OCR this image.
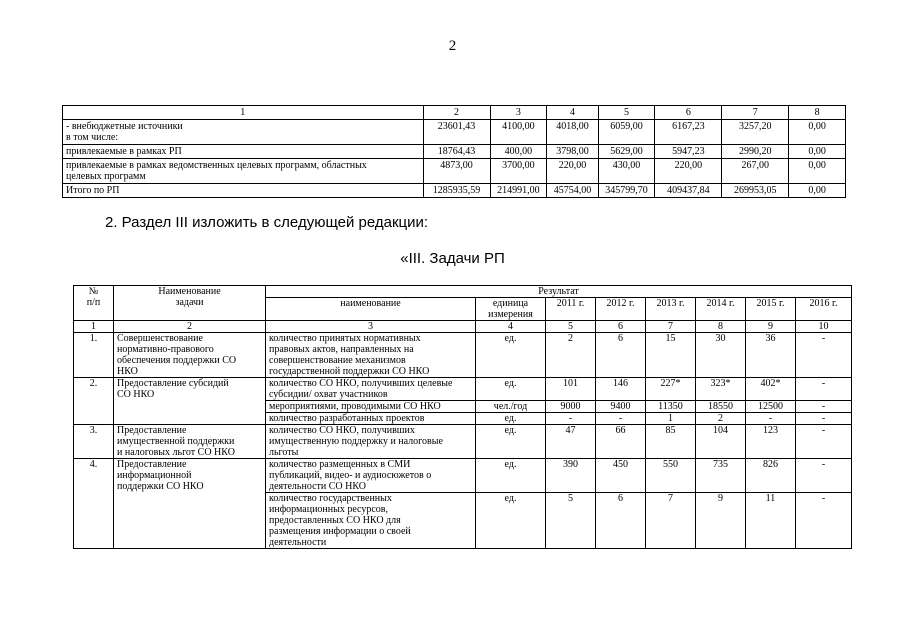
2
1	2	3	4	5	6	7	8
- внебюджетные источники
в том числе:	23601,43	4100,00	4018,00	6059,00	6167,23	3257,20	0,00
привлекаемые в рамках РП	18764,43	400,00	3798,00	5629,00	5947,23	2990,20	0,00
привлекаемые в рамках ведомственных целевых программ, областных
целевых программ	4873,00	3700,00	220,00	430,00	220,00	267,00	0,00
Итого по РП	1285935,59	214991,00	45754,00	345799,70	409437,84	269953,05	0,00
2. Раздел III изложить в следующей редакции:
«III. Задачи РП
№
п/п	Наименование
задачи	Результат							
		наименование	единица
измерения	2011 г.	2012 г.	2013 г.	2014 г.	2015 г.	2016 г.
1	2	3	4	5	6	7	8	9	10
1.	Совершенствование
нормативно-правового
обеспечения поддержки СО
НКО	количество принятых нормативных
правовых актов, направленных на
совершенствование механизмов
государственной поддержки СО НКО	ед.	2	6	15	30	36	-
2.	Предоставление субсидий
СО НКО	количество СО НКО, получивших целевые
субсидии/ охват участников	ед.	101	146	227*	323*	402*	-
		мероприятиями, проводимыми СО НКО	чел./год	9000	9400	11350	18550	12500	-
		количество разработанных проектов	ед.	-	-	1	2	-	-
3.	Предоставление
имущественной поддержки
и налоговых льгот СО НКО	количество СО НКО, получивших
имущественную поддержку и налоговые
льготы	ед.	47	66	85	104	123	-
4.	Предоставление
информационной
поддержки СО НКО	количество размещенных в СМИ
публикаций, видео- и аудиосюжетов о
деятельности СО НКО	ед.	390	450	550	735	826	-
		количество государственных
информационных ресурсов,
предоставленных СО НКО для
размещения информации о своей
деятельности	ед.	5	6	7	9	11	-
